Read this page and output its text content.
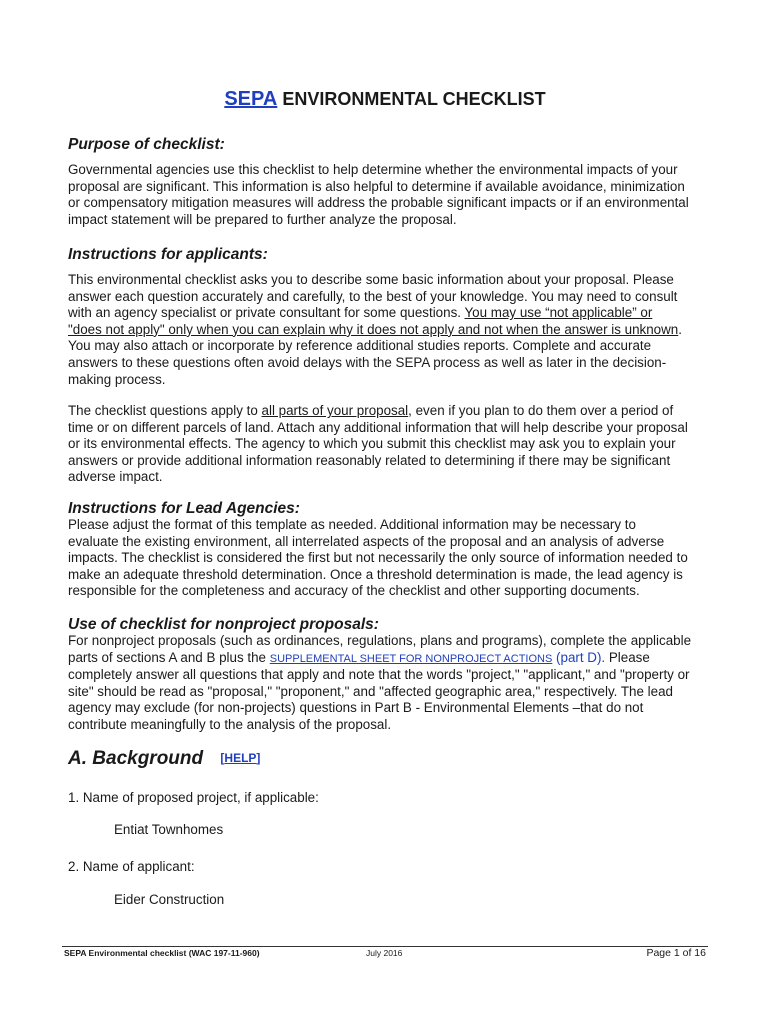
SEPA ENVIRONMENTAL CHECKLIST
Purpose of checklist:
Governmental agencies use this checklist to help determine whether the environmental impacts of your
proposal are significant. This information is also helpful to determine if available avoidance, minimization
or compensatory mitigation measures will address the probable significant impacts or if an environmental
impact statement will be prepared to further analyze the proposal.
Instructions for applicants:
This environmental checklist asks you to describe some basic information about your proposal. Please
answer each question accurately and carefully, to the best of your knowledge. You may need to consult
with an agency specialist or private consultant for some questions. You may use “not applicable” or
"does not apply" only when you can explain why it does not apply and not when the answer is unknown.
You may also attach or incorporate by reference additional studies reports. Complete and accurate
answers to these questions often avoid delays with the SEPA process as well as later in the decision-
making process.
The checklist questions apply to all parts of your proposal, even if you plan to do them over a period of
time or on different parcels of land. Attach any additional information that will help describe your proposal
or its environmental effects. The agency to which you submit this checklist may ask you to explain your
answers or provide additional information reasonably related to determining if there may be significant
adverse impact.
Instructions for Lead Agencies:
Please adjust the format of this template as needed. Additional information may be necessary to
evaluate the existing environment, all interrelated aspects of the proposal and an analysis of adverse
impacts. The checklist is considered the first but not necessarily the only source of information needed to
make an adequate threshold determination. Once a threshold determination is made, the lead agency is
responsible for the completeness and accuracy of the checklist and other supporting documents.
Use of checklist for nonproject proposals:
For nonproject proposals (such as ordinances, regulations, plans and programs), complete the applicable
parts of sections A and B plus the SUPPLEMENTAL SHEET FOR NONPROJECT ACTIONS (part D). Please
completely answer all questions that apply and note that the words "project," "applicant," and "property or
site" should be read as "proposal," "proponent," and "affected geographic area," respectively. The lead
agency may exclude (for non-projects) questions in Part B - Environmental Elements –that do not
contribute meaningfully to the analysis of the proposal.
A. Background [HELP]
1. Name of proposed project, if applicable:
Entiat Townhomes
2. Name of applicant:
Eider Construction
SEPA Environmental checklist (WAC 197-11-960)	July 2016	Page 1 of 16
